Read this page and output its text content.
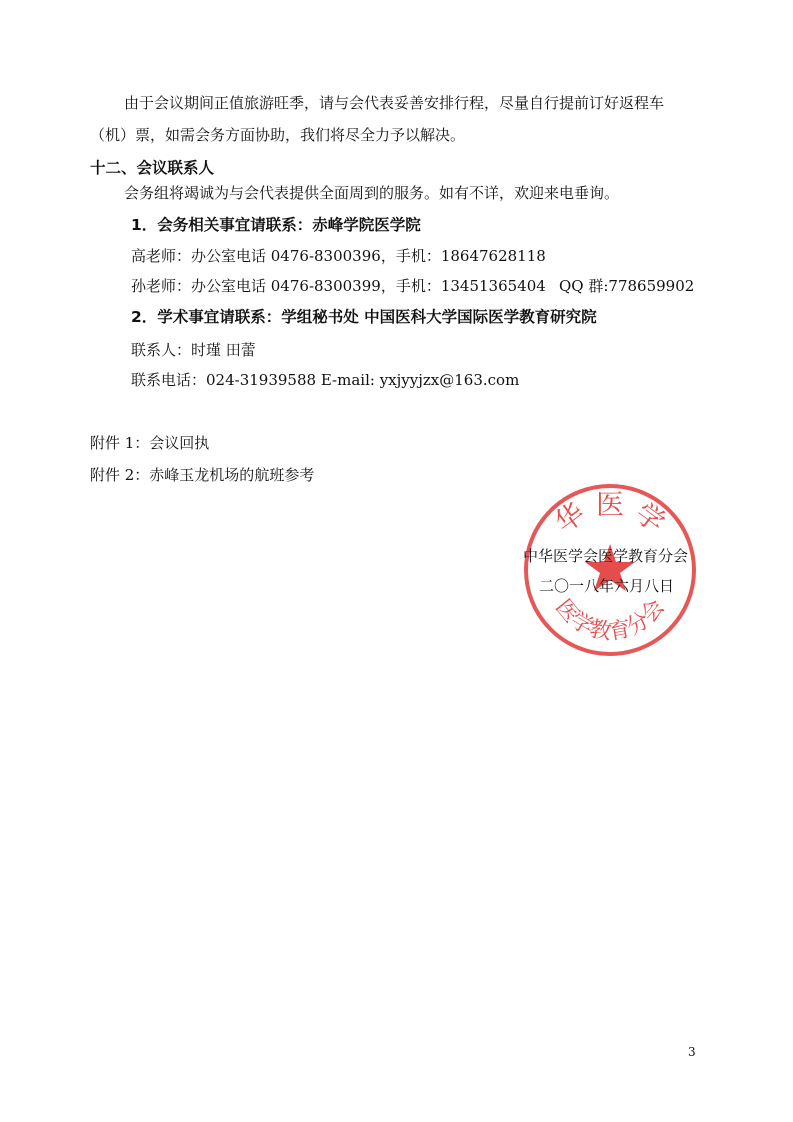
由于会议期间正值旅游旺季，请与会代表妥善安排行程，尽量自行提前订好返程车
（机）票，如需会务方面协助，我们将尽全力予以解决。
十二、会议联系人
会务组将竭诚为与会代表提供全面周到的服务。如有不详，欢迎来电垂询。
1．会务相关事宜请联系：赤峰学院医学院
高老师：办公室电话 0476-8300396，手机：18647628118
孙老师：办公室电话 0476-8300399，手机：13451365404 QQ 群:778659902
2．学术事宜请联系：学组秘书处 中国医科大学国际医学教育研究院
联系人：时瑾 田蕾
联系电话：024-31939588 E-mail: yxjyyjzx@163.com
附件 1：会议回执
附件 2：赤峰玉龙机场的航班参考
华 医 学
医学教育分会
中华医学会医学教育分会
二〇一八年六月八日
3
